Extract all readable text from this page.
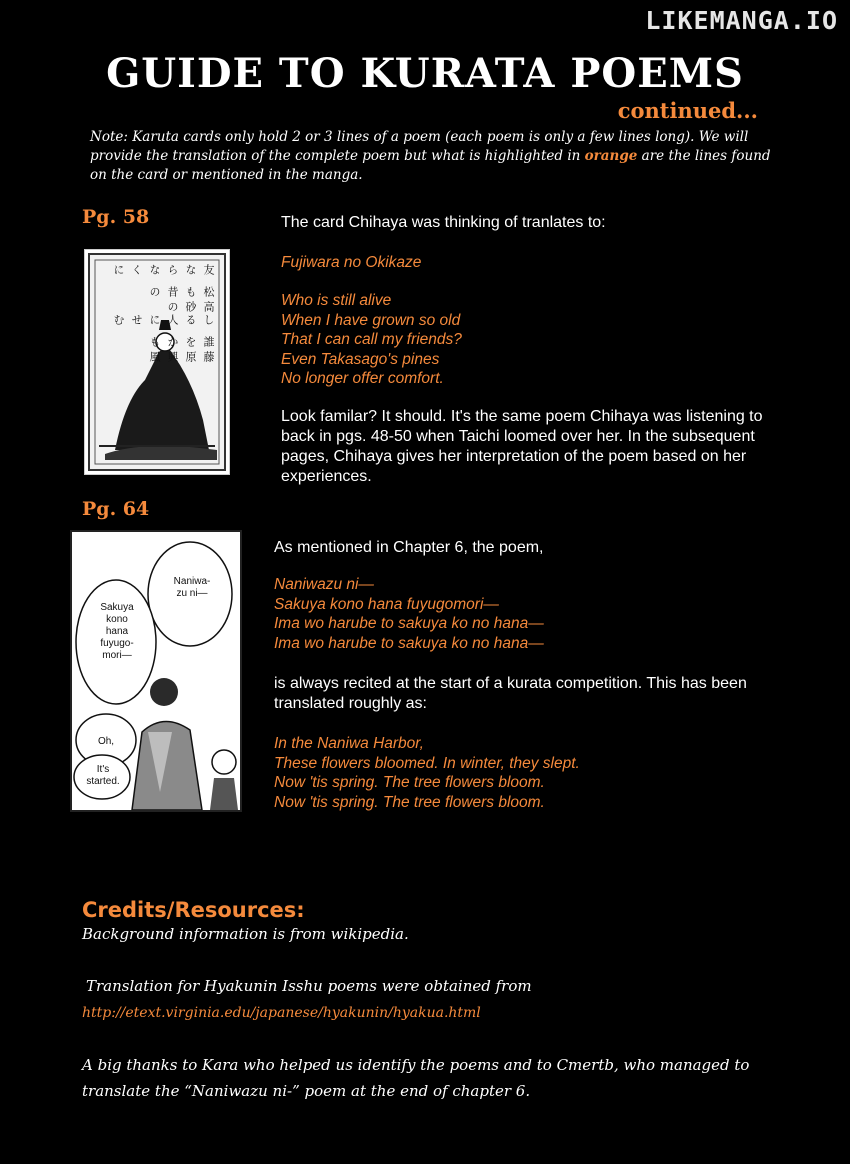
LIKEMANGA.IO
GUIDE TO KURATA POEMS
continued...
Note: Karuta cards only hold 2 or 3 lines of a poem (each poem is only a few lines long). We will provide the translation of the complete poem but what is highlighted in orange are the lines found on the card or mentioned in the manga.
Pg. 58
藤原興風
誰をかも
しる人にせむ
高砂の
松も昔の
友ならなくに
The card Chihaya was thinking of tranlates to:
Fujiwara no Okikaze
Who is still alive
When I have grown so old
That I can call my friends?
Even Takasago's pines
No longer offer comfort.
Look familar? It should. It's the same poem Chihaya was listening to back in pgs. 48-50 when Taichi loomed over her. In the subsequent pages, Chihaya gives her interpretation of the poem based on her experiences.
Pg. 64
Naniwa-
zu ni—
Sakuya
kono
hana
fuyugo-
mori—
Oh,
It's
started.
As mentioned in Chapter 6, the poem,
Naniwazu ni—
Sakuya kono hana fuyugomori—
Ima wo harube to sakuya ko no hana—
Ima wo harube to sakuya ko no hana—
is always recited at the start of a kurata competition. This has been translated roughly as:
In the Naniwa Harbor,
These flowers bloomed. In winter, they slept.
Now 'tis spring. The tree flowers bloom.
Now 'tis spring. The tree flowers bloom.
Credits/Resources:
Background information is from wikipedia.
Translation for Hyakunin Isshu poems were obtained from
http://etext.virginia.edu/japanese/hyakunin/hyakua.html
A big thanks to Kara who helped us identify the poems and to Cmertb, who managed to translate the “Naniwazu ni-” poem at the end of chapter 6.
